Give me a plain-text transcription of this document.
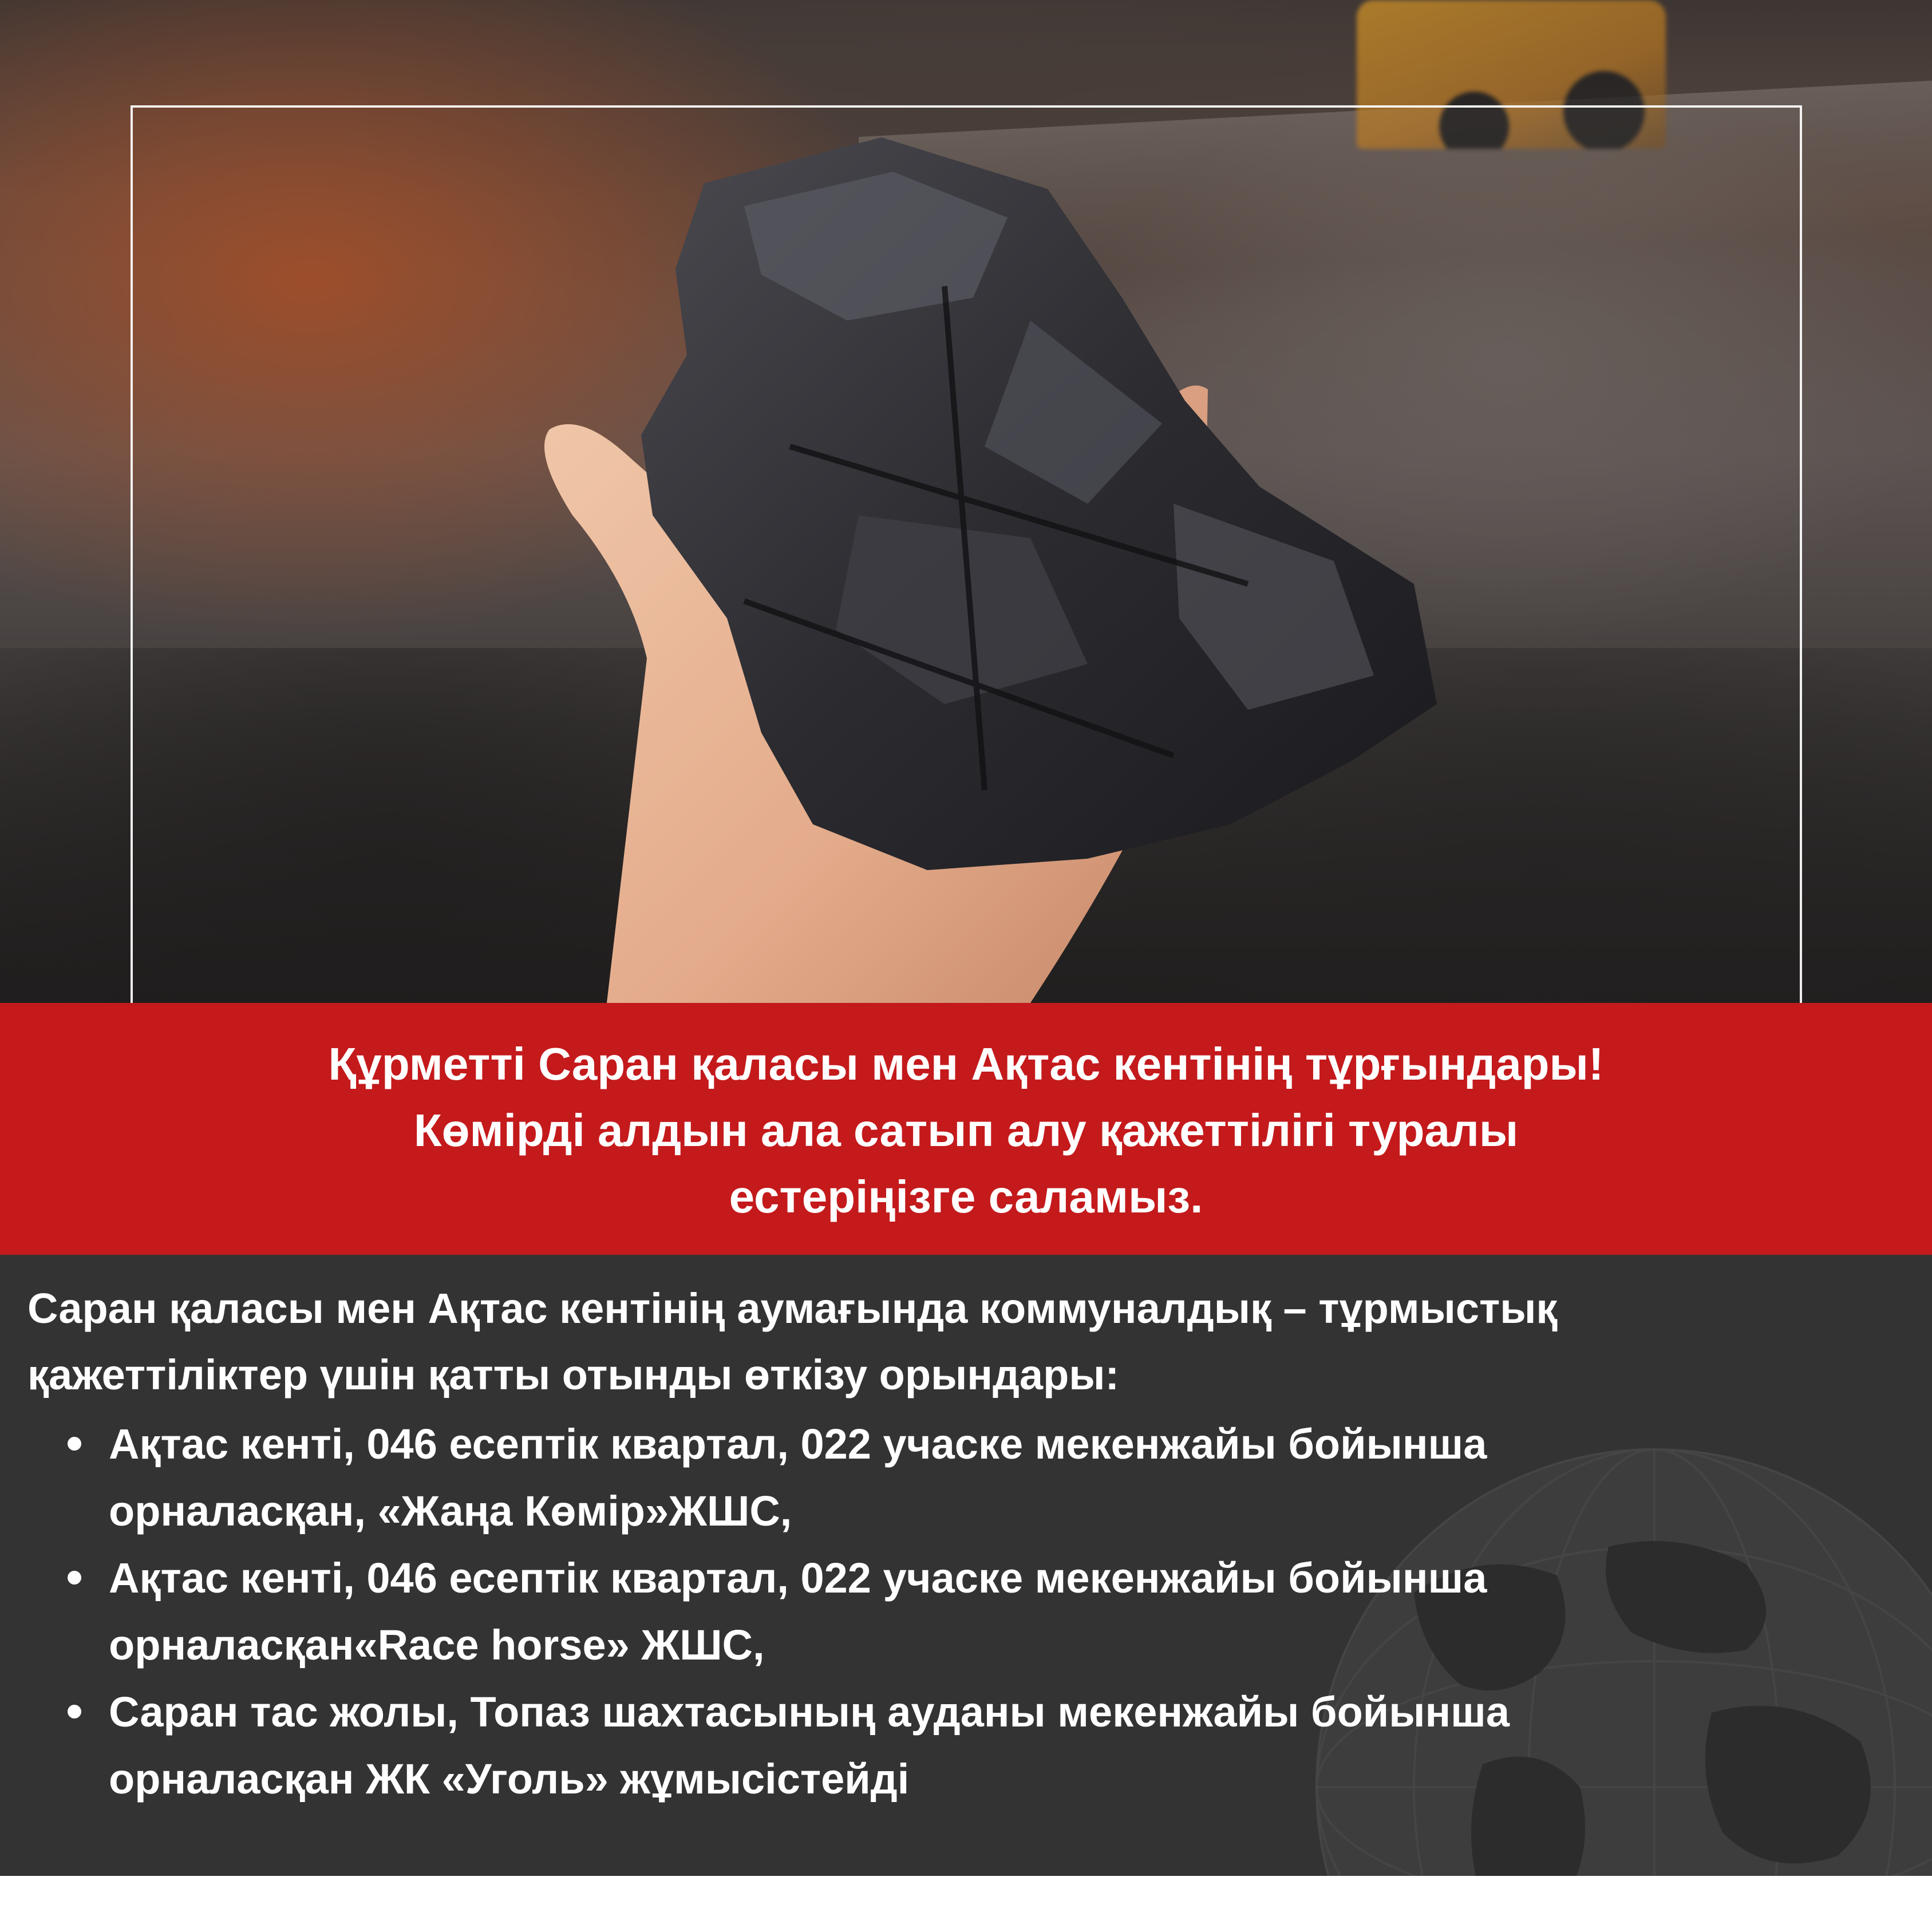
Құрметті Саран қаласы мен Ақтас кентінің тұрғындары!
Көмірді алдын ала сатып алу қажеттілігі туралы
естеріңізге саламыз.
Саран қаласы мен Ақтас кентінің аумағында коммуналдық – тұрмыстық
қажеттіліктер үшін қатты отынды өткізу орындары:
Ақтас кенті, 046 есептік квартал, 022 учаске мекенжайы бойынша
орналасқан, «Жаңа Көмір»ЖШС,
Ақтас кенті, 046 есептік квартал, 022 учаске мекенжайы бойынша
орналасқан«Race horse» ЖШС,
Саран тас жолы, Топаз шахтасының ауданы мекенжайы бойынша
орналасқан ЖК «Уголь» жұмысістейді
